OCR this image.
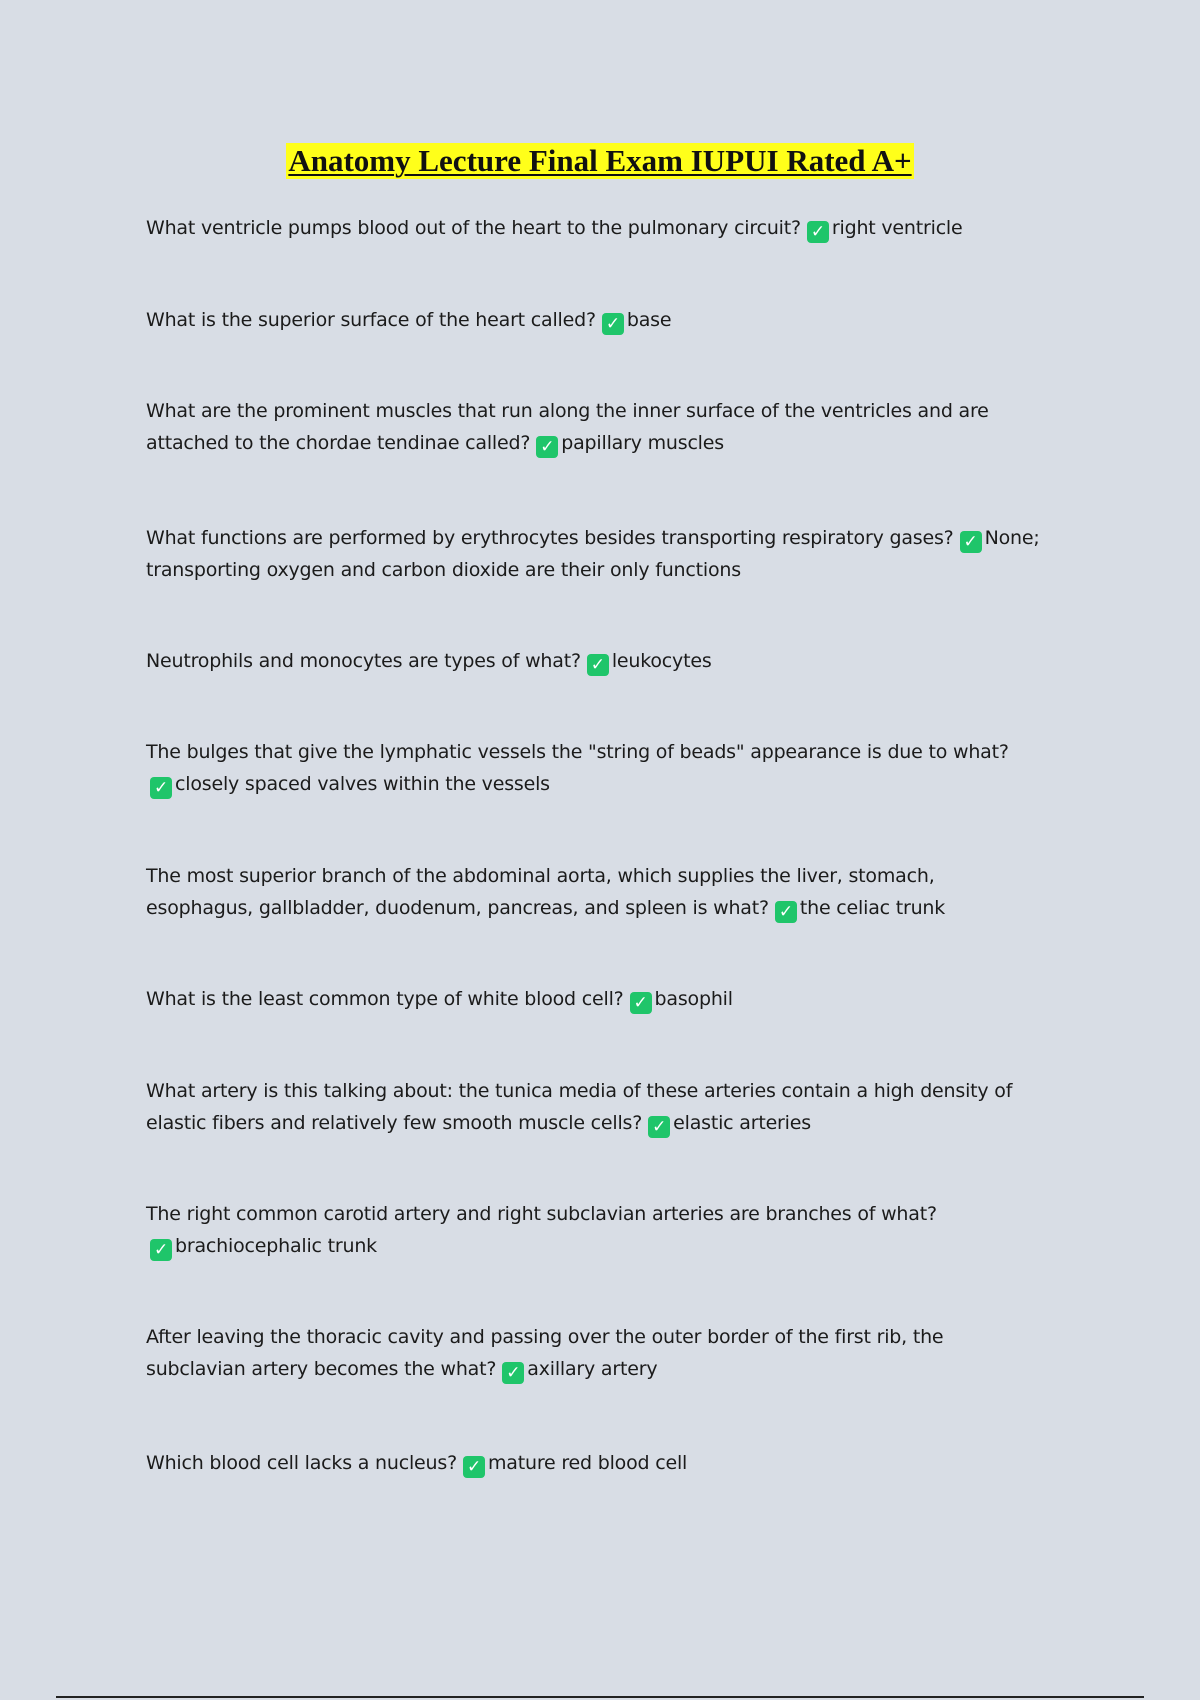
Anatomy Lecture Final Exam IUPUI Rated A+
What ventricle pumps blood out of the heart to the pulmonary circuit? ✓ right ventricle
What is the superior surface of the heart called? ✓ base
What are the prominent muscles that run along the inner surface of the ventricles and are attached to the chordae tendinae called? ✓ papillary muscles
What functions are performed by erythrocytes besides transporting respiratory gases? ✓ None; transporting oxygen and carbon dioxide are their only functions
Neutrophils and monocytes are types of what? ✓ leukocytes
The bulges that give the lymphatic vessels the "string of beads" appearance is due to what?
✓ closely spaced valves within the vessels
The most superior branch of the abdominal aorta, which supplies the liver, stomach, esophagus, gallbladder, duodenum, pancreas, and spleen is what? ✓ the celiac trunk
What is the least common type of white blood cell? ✓ basophil
What artery is this talking about: the tunica media of these arteries contain a high density of elastic fibers and relatively few smooth muscle cells? ✓ elastic arteries
The right common carotid artery and right subclavian arteries are branches of what?
✓ brachiocephalic trunk
After leaving the thoracic cavity and passing over the outer border of the first rib, the subclavian artery becomes the what? ✓ axillary artery
Which blood cell lacks a nucleus? ✓ mature red blood cell
